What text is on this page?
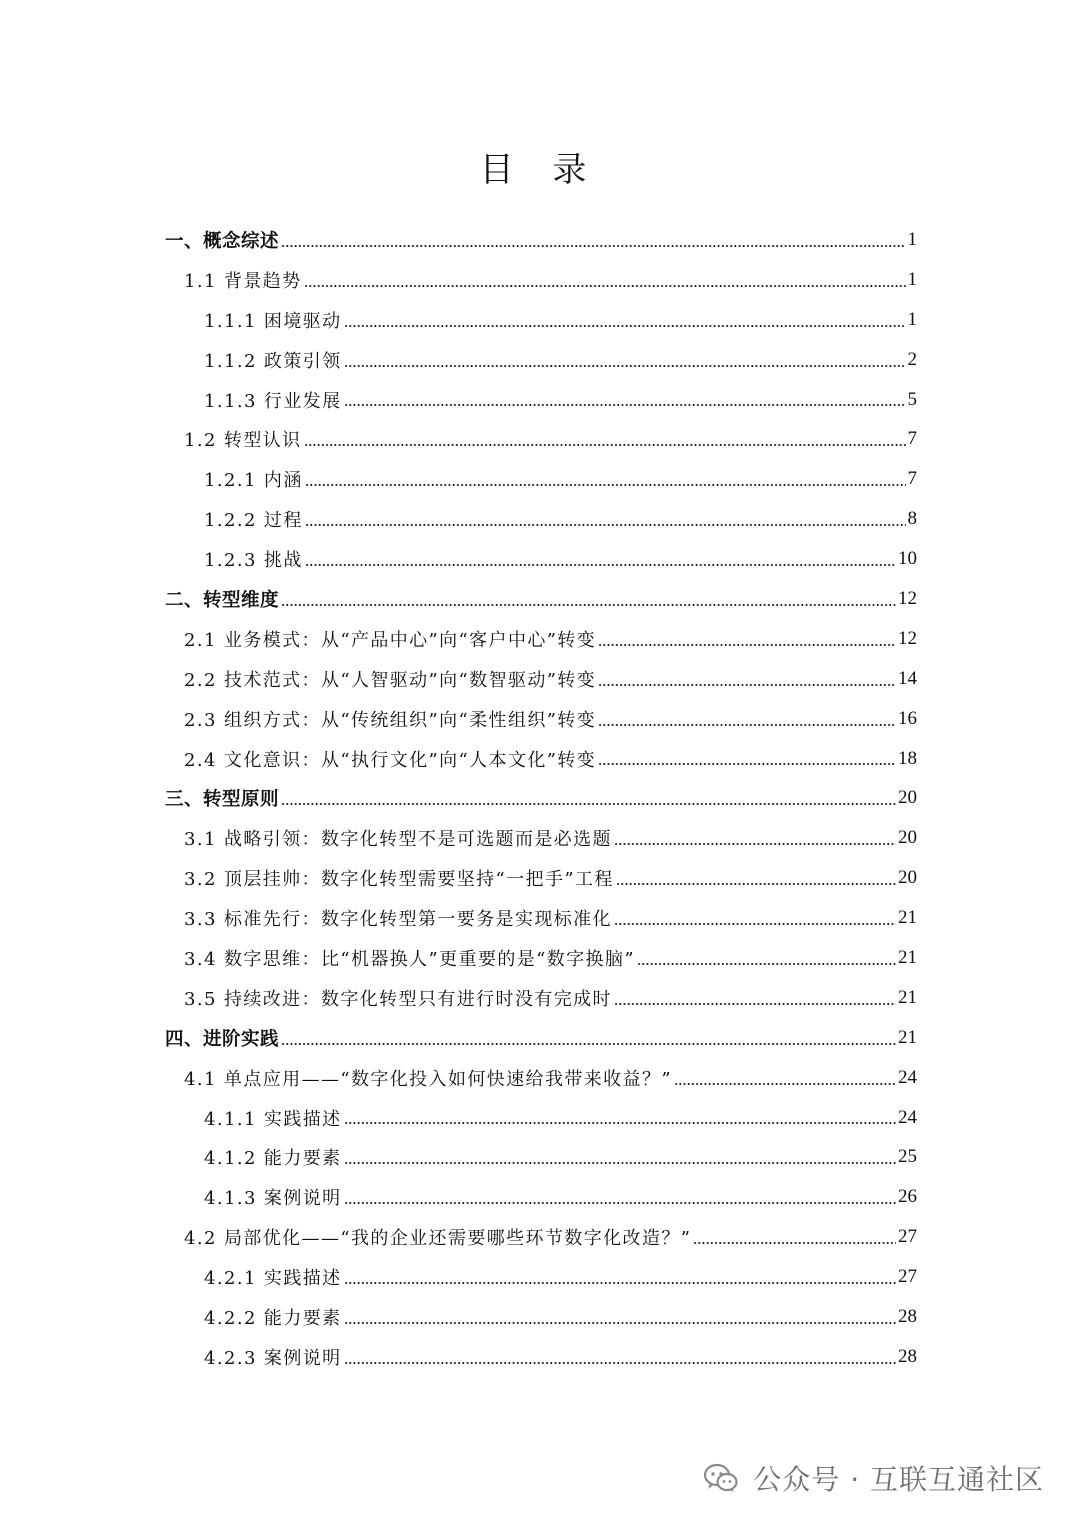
目 录
一、概念综述	1
1.1 背景趋势	1
1.1.1 困境驱动	1
1.1.2 政策引领	2
1.1.3 行业发展	5
1.2 转型认识	7
1.2.1 内涵	7
1.2.2 过程	8
1.2.3 挑战	10
二、转型维度	12
2.1 业务模式：从“产品中心”向“客户中心”转变	12
2.2 技术范式：从“人智驱动”向“数智驱动”转变	14
2.3 组织方式：从“传统组织”向“柔性组织”转变	16
2.4 文化意识：从“执行文化”向“人本文化”转变	18
三、转型原则	20
3.1 战略引领：数字化转型不是可选题而是必选题	20
3.2 顶层挂帅：数字化转型需要坚持“一把手”工程	20
3.3 标准先行：数字化转型第一要务是实现标准化	21
3.4 数字思维：比“机器换人”更重要的是“数字换脑”	21
3.5 持续改进：数字化转型只有进行时没有完成时	21
四、进阶实践	21
4.1 单点应用——“数字化投入如何快速给我带来收益？”	24
4.1.1 实践描述	24
4.1.2 能力要素	25
4.1.3 案例说明	26
4.2 局部优化——“我的企业还需要哪些环节数字化改造？”	27
4.2.1 实践描述	27
4.2.2 能力要素	28
4.2.3 案例说明	28
公众号 · 互联互通社区
